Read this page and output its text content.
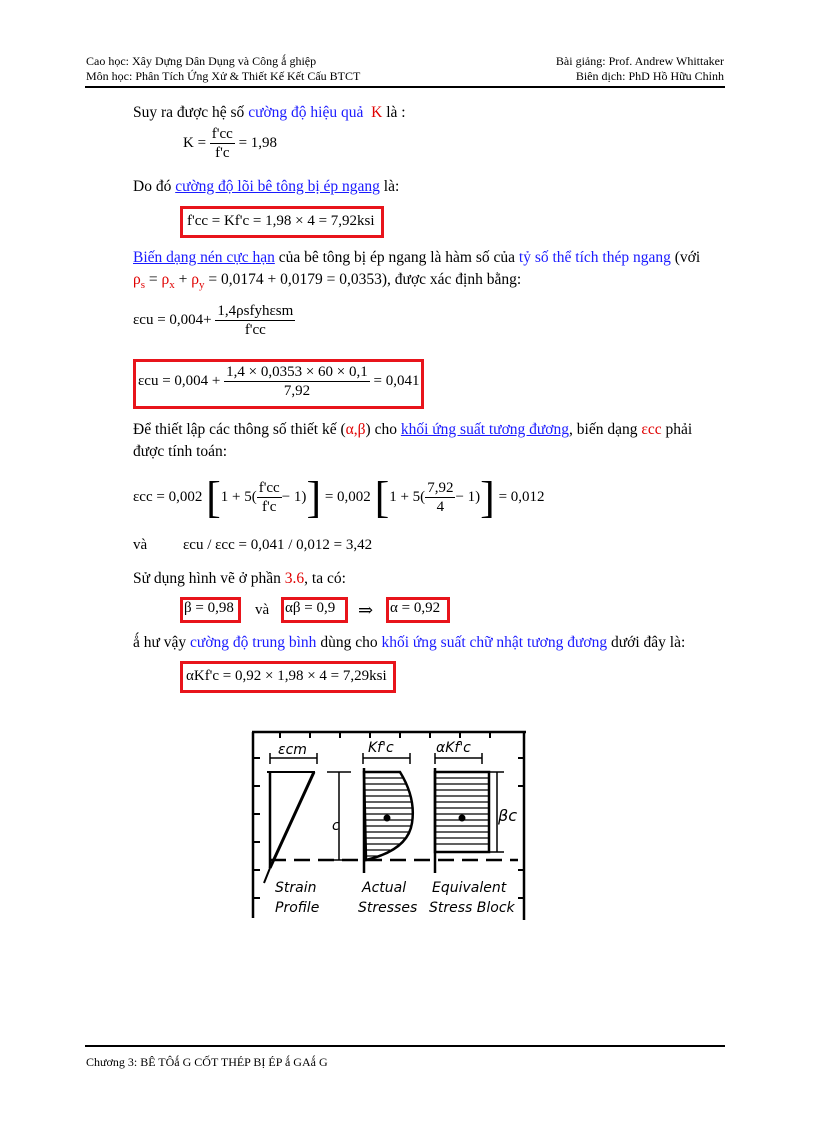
Cao học: Xây Dựng Dân Dụng và Công ǻ ghiệp
Môn học: Phân Tích Ứng Xử & Thiết Kế Kết Cấu BTCT
Bài giảng: Prof. Andrew Whittaker
Biên dịch: PhD Hồ Hữu Chỉnh
Suy ra được hệ số cường độ hiệu quả K là :
$K = \frac{f'cc}{f'c} = 1,98$
Do đó cường độ lõi bê tông bị ép ngang là:
f'cc = Kf'c = 1,98 × 4 = 7,92ksi
Biến dạng nén cực hạn của bê tông bị ép ngang là hàm số của tỷ số thể tích thép ngang (với
$\rho_s = \rho_x + \rho_y = 0,0174 + 0,0179 = 0,0353$), được xác định bằng:
$\varepsilon cu = 0,004+ \frac{\text{1,4ρsfyhεsm}}{f'cc}$
$\varepsilon cu = 0,004 + \frac{1,4 \times 0,0353 \times 60 \times 0,1}{7,92} = 0,041$
Để thiết lập các thông số thiết kế (α,β) cho khối ứng suất tương đương, biến dạng εcc phải
được tính toán:
εcc = 0,002 $[1 + 5( \frac{f'cc}{f'c} - 1)] = 0,002$ $[1 + 5( \frac{7,92}{4} - 1)] = 0,012$
và εcu / εcc = 0,041 / 0,012 = 3,42
Sử dụng hình vẽ ở phần 3.6, ta có:
β = 0,98 và αβ = 0,9 ⇒ α = 0,92
ǻ hư vậy cường độ trung bình dùng cho khối ứng suất chữ nhật tương đương dưới đây là:
αKf'c = 0,92 × 1,98 × 4 = 7,29ksi
εcm
c
Kf'c	αKf'c
βc
Strain
Profile
Actual
Stresses
Equivalent
Stress Block
Chương 3: BÊ TÔǻ G CỐT THÉP BỊ ÉP ǻ GAǻ G
